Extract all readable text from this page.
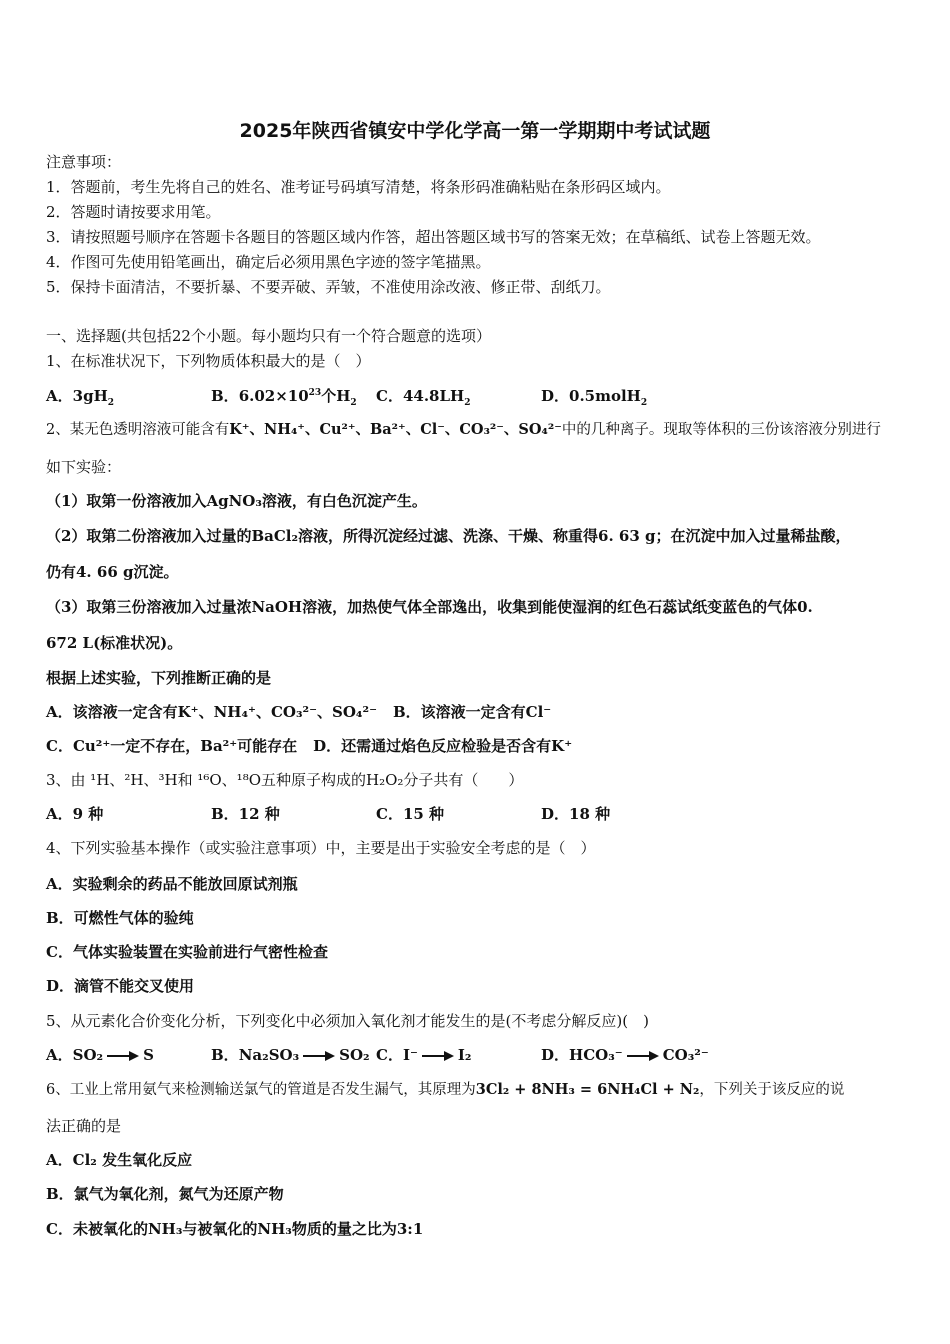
2025年陕西省镇安中学化学高一第一学期期中考试试题
注意事项：
1．答题前，考生先将自己的姓名、准考证号码填写清楚，将条形码准确粘贴在条形码区域内。
2．答题时请按要求用笔。
3．请按照题号顺序在答题卡各题目的答题区域内作答，超出答题区域书写的答案无效；在草稿纸、试卷上答题无效。
4．作图可先使用铅笔画出，确定后必须用黑色字迹的签字笔描黑。
5．保持卡面清洁，不要折暴、不要弄破、弄皱，不准使用涂改液、修正带、刮纸刀。
一、选择题(共包括22个小题。每小题均只有一个符合题意的选项）
1、在标准状况下，下列物质体积最大的是（　）
A．$3gH_2$	B．$6.02\times 10^{23}$个$H_2$ C．$44.8LH_2$	D．0.5molH$_2$
2、某无色透明溶液可能含有K⁺、NH₄⁺、Cu²⁺、Ba²⁺、Cl⁻、CO₃²⁻、SO₄²⁻中的几种离子。现取等体积的三份该溶液分别进行
如下实验：
（1）取第一份溶液加入AgNO₃溶液，有白色沉淀产生。
（2）取第二份溶液加入过量的BaCl₂溶液，所得沉淀经过滤、洗涤、干燥、称重得6. 63 g；在沉淀中加入过量稀盐酸，
仍有4. 66 g沉淀。
（3）取第三份溶液加入过量浓NaOH溶液，加热使气体全部逸出，收集到能使湿润的红色石蕊试纸变蓝色的气体0.
672 L(标准状况)。
根据上述实验，下列推断正确的是
A．该溶液一定含有K⁺、NH₄⁺、CO₃²⁻、SO₄²⁻ B．该溶液一定含有Cl⁻
C．Cu²⁺一定不存在，Ba²⁺可能存在 D．还需通过焰色反应检验是否含有K⁺
3、由 ¹H、²H、³H和 ¹⁶O、¹⁸O五种原子构成的H₂O₂分子共有（　　）
A．9 种	B．12 种	C．15 种	D．18 种
4、下列实验基本操作（或实验注意事项）中，主要是出于实验安全考虑的是（　）
A．实验剩余的药品不能放回原试剂瓶
B．可燃性气体的验纯
C．气体实验装置在实验前进行气密性检查
D．滴管不能交叉使用
5、从元素化合价变化分析，下列变化中必须加入氧化剂才能发生的是(不考虑分解反应)(　)
A．SO₂	S	B．Na₂SO₃	SO₂ C．I⁻	I₂	D．HCO₃⁻	CO₃²⁻
6、工业上常用氨气来检测输送氯气的管道是否发生漏气，其原理为3Cl₂ + 8NH₃ = 6NH₄Cl + N₂，下列关于该反应的说
法正确的是
A．Cl₂ 发生氧化反应
B．氯气为氧化剂，氮气为还原产物
C．未被氧化的NH₃与被氧化的NH₃物质的量之比为3:1
